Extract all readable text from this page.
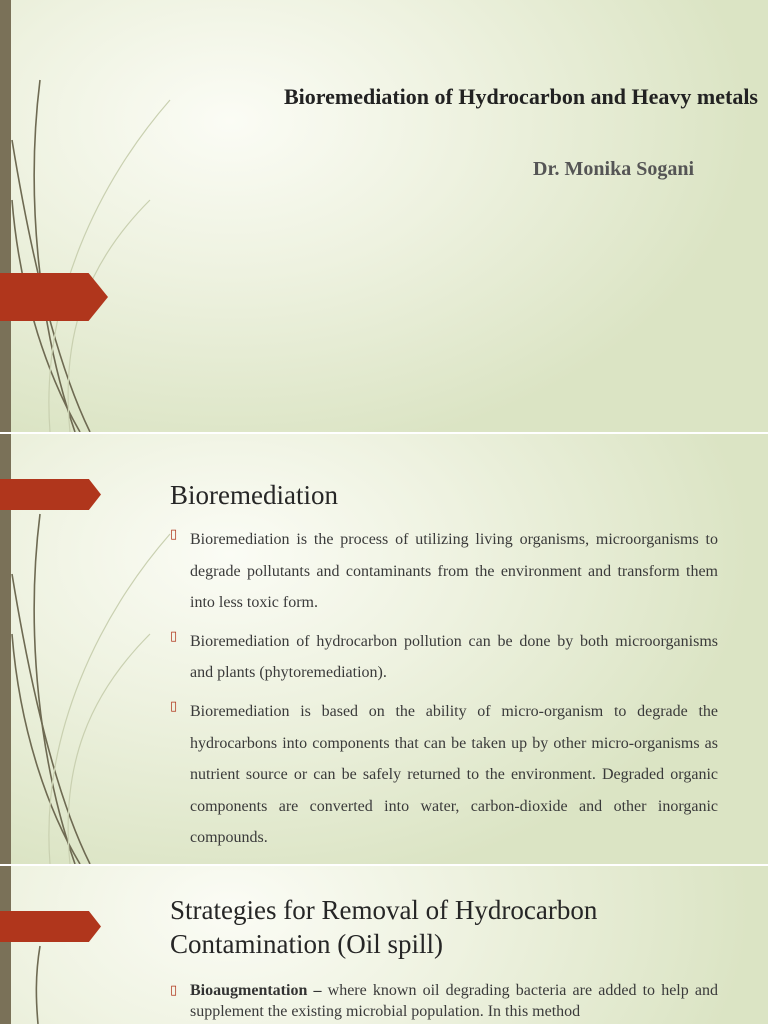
Bioremediation of Hydrocarbon and Heavy metals
Dr. Monika Sogani
Bioremediation
▯ Bioremediation is the process of utilizing living organisms, microorganisms to degrade pollutants and contaminants from the environment and transform them into less toxic form.
▯ Bioremediation of hydrocarbon pollution can be done by both microorganisms and plants (phytoremediation).
▯ Bioremediation is based on the ability of micro-organism to degrade the hydrocarbons into components that can be taken up by other micro-organisms as nutrient source or can be safely returned to the environment. Degraded organic components are converted into water, carbon-dioxide and other inorganic compounds.
Strategies for Removal of Hydrocarbon
Contamination (Oil spill)
▯ Bioaugmentation – where known oil degrading bacteria are added to help and supplement the existing microbial population. In this method
